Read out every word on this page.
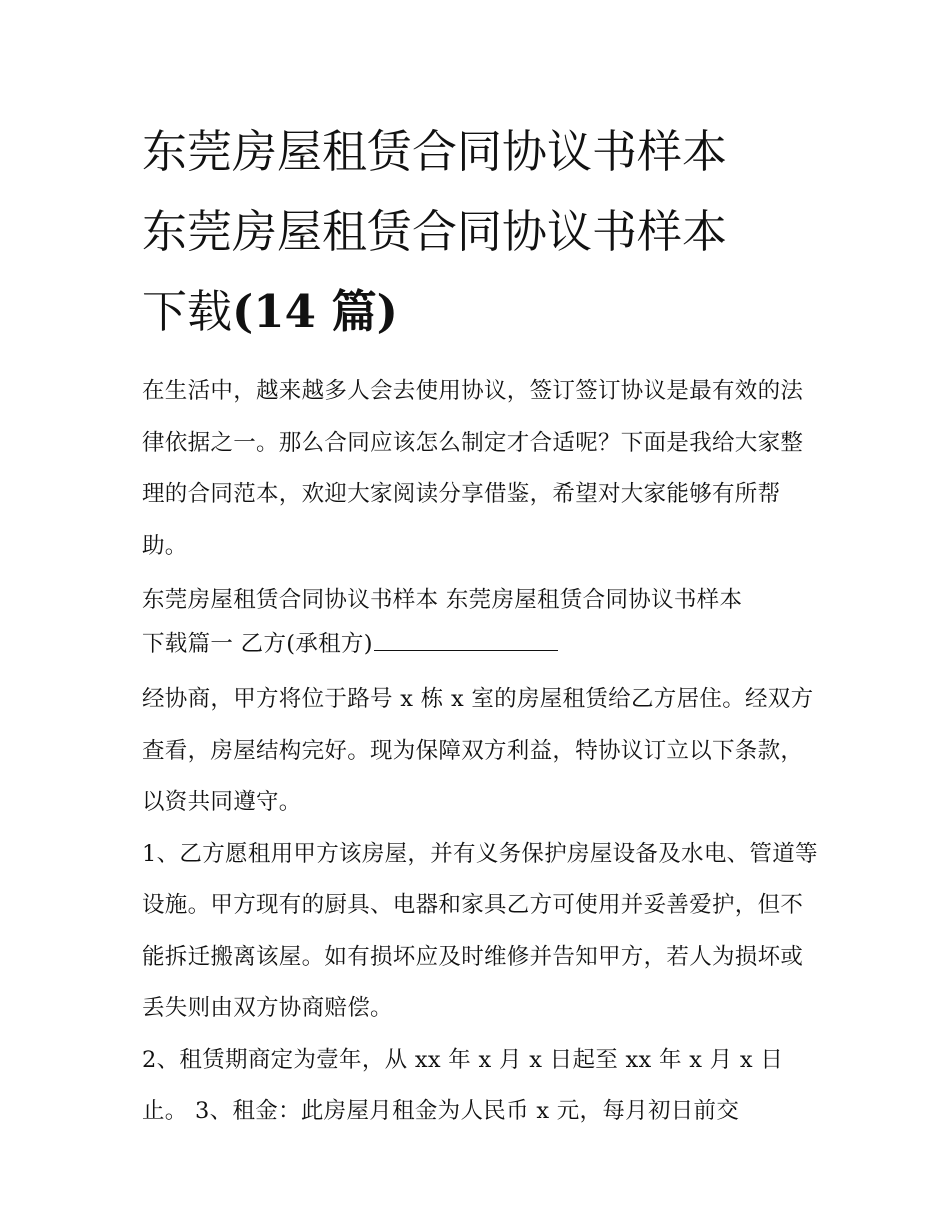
东莞房屋租赁合同协议书样本
东莞房屋租赁合同协议书样本
下载(14 篇)

在生活中，越来越多人会去使用协议，签订签订协议是最有效的法律依据之一。那么合同应该怎么制定才合适呢？下面是我给大家整理的合同范本，欢迎大家阅读分享借鉴，希望对大家能够有所帮助。

东莞房屋租赁合同协议书样本 东莞房屋租赁合同协议书样本

下载篇一 乙方(承租方)

经协商，甲方将位于路号 x 栋 x 室的房屋租赁给乙方居住。经双方查看，房屋结构完好。现为保障双方利益，特协议订立以下条款，以资共同遵守。

1、乙方愿租用甲方该房屋，并有义务保护房屋设备及水电、管道等设施。甲方现有的厨具、电器和家具乙方可使用并妥善爱护，但不能拆迁搬离该屋。如有损坏应及时维修并告知甲方，若人为损坏或丢失则由双方协商赔偿。

2、租赁期商定为壹年，从 xx 年 x 月 x 日起至 xx 年 x 月 x 日止。 3、租金：此房屋月租金为人民币 x 元，每月初日前交
